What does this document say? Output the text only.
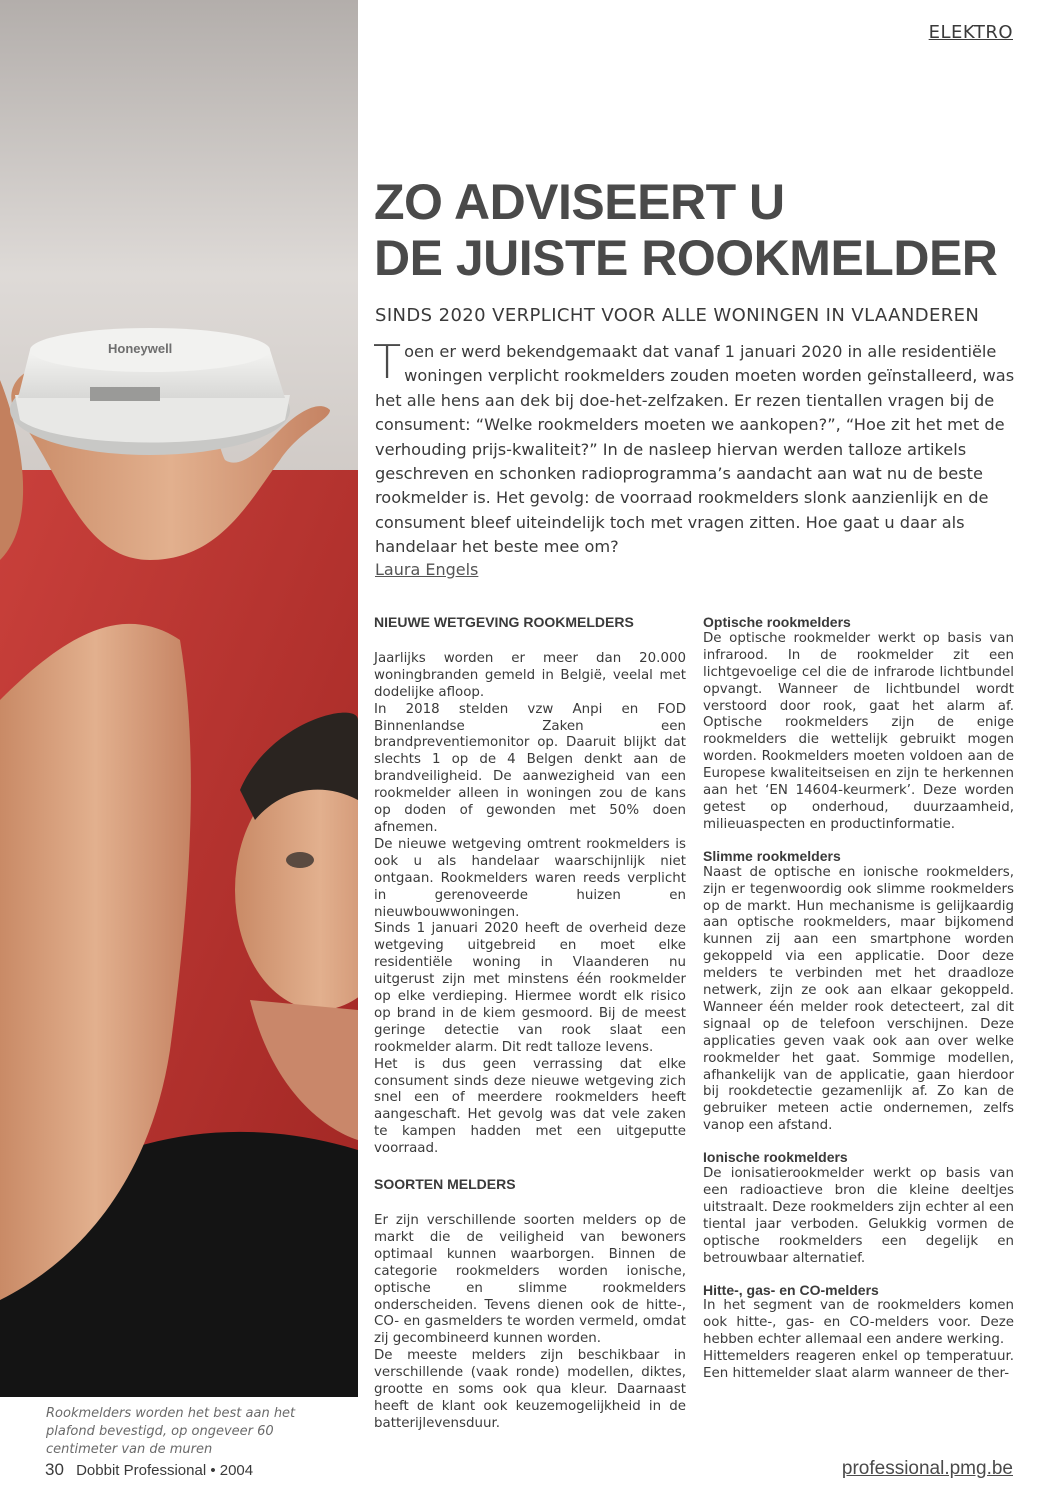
Honeywell
Rookmelders worden het best aan het plafond bevestigd, op ongeveer 60 centimeter van de muren
ELEKTRO
ZO ADVISEERT U
DE JUISTE ROOKMELDER
SINDS 2020 VERPLICHT VOOR ALLE WONINGEN IN VLAANDEREN
Toen er werd bekendgemaakt dat vanaf 1 januari 2020 in alle residentiële woningen verplicht rookmelders zouden moeten worden geïnstalleerd, was het alle hens aan dek bij doe-het-zelfzaken. Er rezen tientallen vragen bij de consument: “Welke rookmelders moeten we aankopen?”, “Hoe zit het met de verhouding prijs-kwaliteit?” In de nasleep hiervan werden talloze artikels geschreven en schonken radioprogramma’s aandacht aan wat nu de beste rookmelder is. Het gevolg: de voorraad rookmelders slonk aanzienlijk en de consument bleef uiteindelijk toch met vragen zitten. Hoe gaat u daar als handelaar het beste mee om?
Laura Engels
NIEUWE WETGEVING ROOKMELDERS

Jaarlijks worden er meer dan 20.000 woningbranden gemeld in België, veelal met dodelijke afloop.

In 2018 stelden vzw Anpi en FOD Binnenlandse Zaken een brandpreventiemonitor op. Daaruit blijkt dat slechts 1 op de 4 Belgen denkt aan de brandveiligheid. De aanwezigheid van een rookmelder alleen in woningen zou de kans op doden of gewonden met 50% doen afnemen.

De nieuwe wetgeving omtrent rookmelders is ook u als handelaar waarschijnlijk niet ontgaan. Rookmelders waren reeds verplicht in gerenoveerde huizen en nieuwbouwwoningen.

Sinds 1 januari 2020 heeft de overheid deze wetgeving uitgebreid en moet elke residentiële woning in Vlaanderen nu uitgerust zijn met minstens één rookmelder op elke verdieping. Hiermee wordt elk risico op brand in de kiem gesmoord. Bij de meest geringe detectie van rook slaat een rookmelder alarm. Dit redt talloze levens.

Het is dus geen verrassing dat elke consument sinds deze nieuwe wetgeving zich snel een of meerdere rookmelders heeft aangeschaft. Het gevolg was dat vele zaken te kampen hadden met een uitgeputte voorraad.

SOORTEN MELDERS

Er zijn verschillende soorten melders op de markt die de veiligheid van bewoners optimaal kunnen waarborgen. Binnen de categorie rookmelders worden ionische, optische en slimme rookmelders onderscheiden. Tevens dienen ook de hitte-, CO- en gasmelders te worden vermeld, omdat zij gecombineerd kunnen worden.

De meeste melders zijn beschikbaar in verschillende (vaak ronde) modellen, diktes, grootte en soms ook qua kleur. Daarnaast heeft de klant ook keuzemogelijkheid in de batterijlevensduur.

Optische rookmelders

De optische rookmelder werkt op basis van infrarood. In de rookmelder zit een lichtgevoelige cel die de infrarode lichtbundel opvangt. Wanneer de lichtbundel wordt verstoord door rook, gaat het alarm af. Optische rookmelders zijn de enige rookmelders die wettelijk gebruikt mogen worden. Rookmelders moeten voldoen aan de Europese kwaliteitseisen en zijn te herkennen aan het ‘EN 14604-keurmerk’. Deze worden getest op onderhoud, duurzaamheid, milieuaspecten en productinformatie.

Slimme rookmelders

Naast de optische en ionische rookmelders, zijn er tegenwoordig ook slimme rookmelders op de markt. Hun mechanisme is gelijkaardig aan optische rookmelders, maar bijkomend kunnen zij aan een smartphone worden gekoppeld via een applicatie. Door deze melders te verbinden met het draadloze netwerk, zijn ze ook aan elkaar gekoppeld. Wanneer één melder rook detecteert, zal dit signaal op de telefoon verschijnen. Deze applicaties geven vaak ook aan over welke rookmelder het gaat. Sommige modellen, afhankelijk van de applicatie, gaan hierdoor bij rookdetectie gezamenlijk af. Zo kan de gebruiker meteen actie ondernemen, zelfs vanop een afstand.

Ionische rookmelders

De ionisatierookmelder werkt op basis van een radioactieve bron die kleine deeltjes uitstraalt. Deze rookmelders zijn echter al een tiental jaar verboden. Gelukkig vormen de optische rookmelders een degelijk en betrouwbaar alternatief.

Hitte-, gas- en CO-melders

In het segment van de rookmelders komen ook hitte-, gas- en CO-melders voor. Deze hebben echter allemaal een andere werking.

Hittemelders reageren enkel op temperatuur. Een hittemelder slaat alarm wanneer de ther-

30 Dobbit Professional • 2004	professional.pmg.be
